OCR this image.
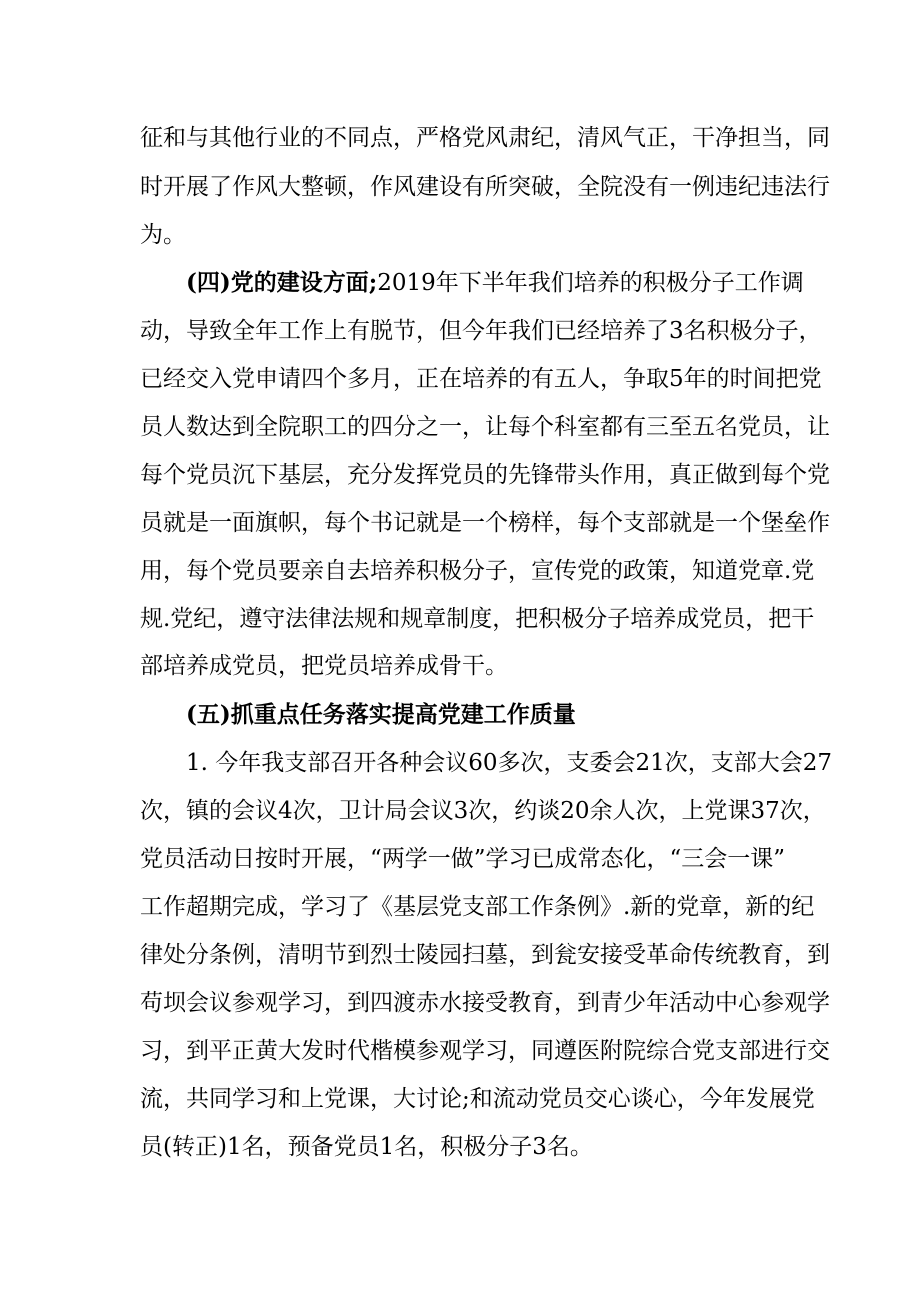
征和与其他行业的不同点，严格党风肃纪，清风气正，干净担当，同
时开展了作风大整顿，作风建设有所突破，全院没有一例违纪违法行
为。
(四)党的建设方面;2019年下半年我们培养的积极分子工作调
动，导致全年工作上有脱节，但今年我们已经培养了3名积极分子，
已经交入党申请四个多月，正在培养的有五人，争取5年的时间把党
员人数达到全院职工的四分之一，让每个科室都有三至五名党员，让
每个党员沉下基层，充分发挥党员的先锋带头作用，真正做到每个党
员就是一面旗帜，每个书记就是一个榜样，每个支部就是一个堡垒作
用，每个党员要亲自去培养积极分子，宣传党的政策，知道党章.党
规.党纪，遵守法律法规和规章制度，把积极分子培养成党员，把干
部培养成党员，把党员培养成骨干。
(五)抓重点任务落实提高党建工作质量
1. 今年我支部召开各种会议60多次，支委会21次，支部大会27
次，镇的会议4次，卫计局会议3次，约谈20余人次，上党课37次，
党员活动日按时开展，“两学一做”学习已成常态化，“三会一课”
工作超期完成，学习了《基层党支部工作条例》.新的党章，新的纪
律处分条例，清明节到烈士陵园扫墓，到瓮安接受革命传统教育，到
苟坝会议参观学习，到四渡赤水接受教育，到青少年活动中心参观学
习，到平正黄大发时代楷模参观学习，同遵医附院综合党支部进行交
流，共同学习和上党课，大讨论;和流动党员交心谈心，今年发展党
员(转正)1名，预备党员1名，积极分子3名。
